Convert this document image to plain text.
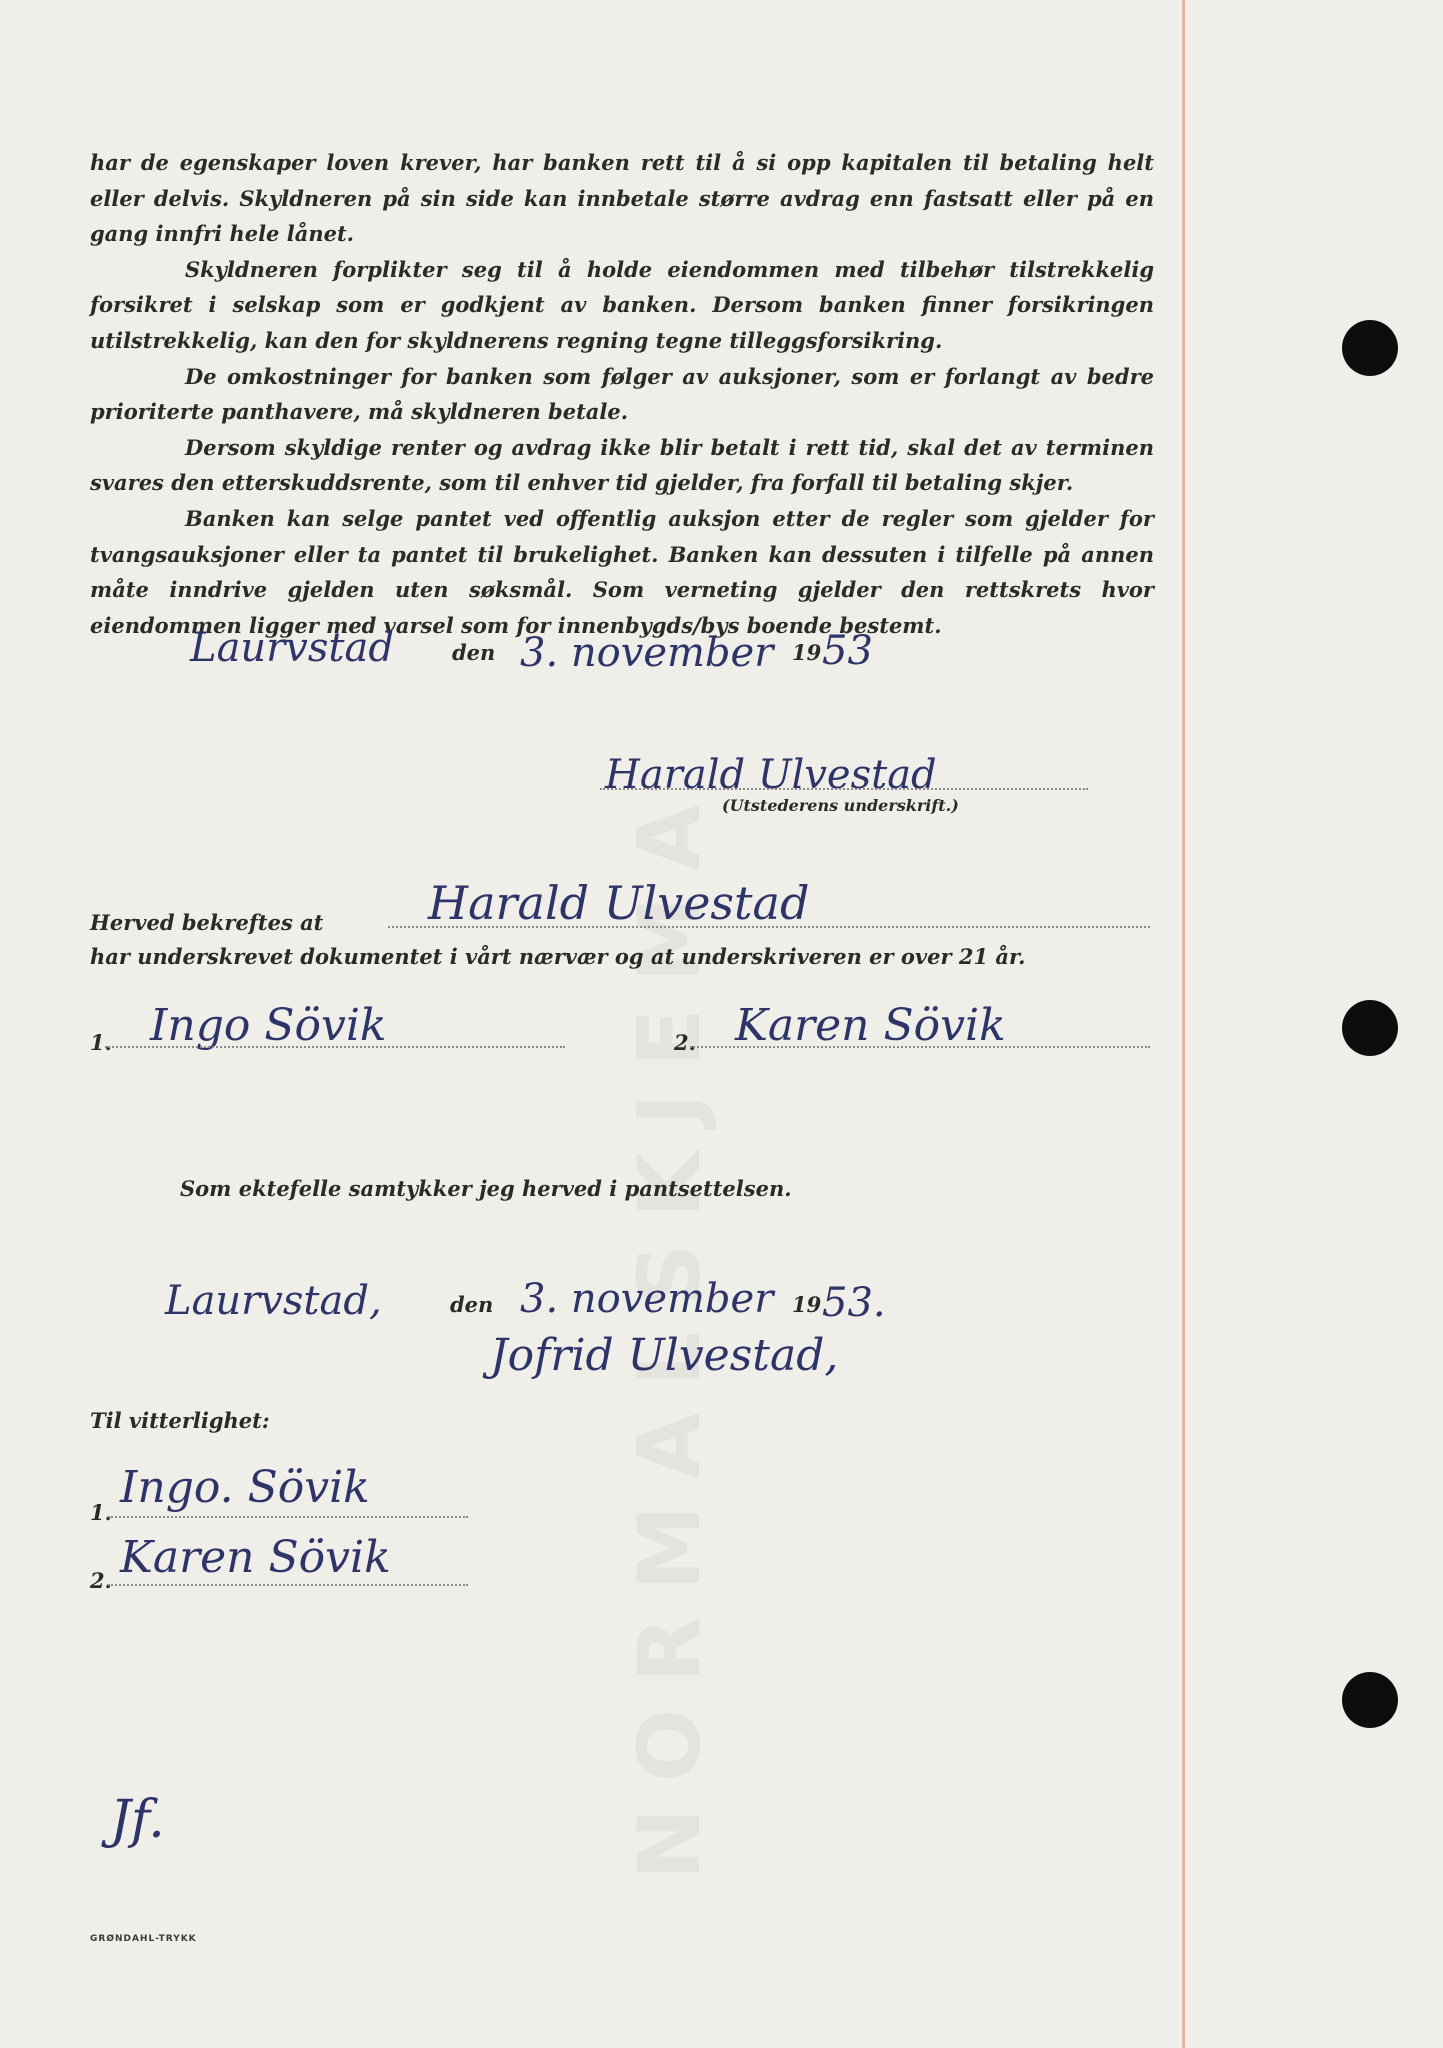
har de egenskaper loven krever, har banken rett til å si opp kapitalen til betaling helt eller delvis. Skyldneren på sin side kan innbetale større avdrag enn fastsatt eller på en gang innfri hele lånet.

Skyldneren forplikter seg til å holde eiendommen med tilbehør tilstrekkelig forsikret i selskap som er godkjent av banken. Dersom banken finner forsikringen utilstrekkelig, kan den for skyldnerens regning tegne tilleggsforsikring.

De omkostninger for banken som følger av auksjoner, som er forlangt av bedre prioriterte panthavere, må skyldneren betale.

Dersom skyldige renter og avdrag ikke blir betalt i rett tid, skal det av terminen svares den etterskuddsrente, som til enhver tid gjelder, fra forfall til betaling skjer.

Banken kan selge pantet ved offentlig auksjon etter de regler som gjelder for tvangsauksjoner eller ta pantet til brukelighet. Banken kan dessuten i tilfelle på annen måte inndrive gjelden uten søksmål. Som verneting gjelder den rettskrets hvor eiendommen ligger med varsel som for innenbygds/bys boende bestemt.

Laurvstad	den 3. november 19 53
Harald Ulvestad
(Utstederens underskrift.)
Herved bekreftes at Harald Ulvestad
har underskrevet dokumentet i vårt nærvær og at underskriveren er over 21 år.
1. Ingo Sövik	2. Karen Sövik
Som ektefelle samtykker jeg herved i pantsettelsen.
Laurvstad,	den 3. november 19 53.
Jofrid Ulvestad,
Til vitterlighet:
1. Ingo. Sövik
2. Karen Sövik
Jf.
GRØNDAHL-TRYKK
